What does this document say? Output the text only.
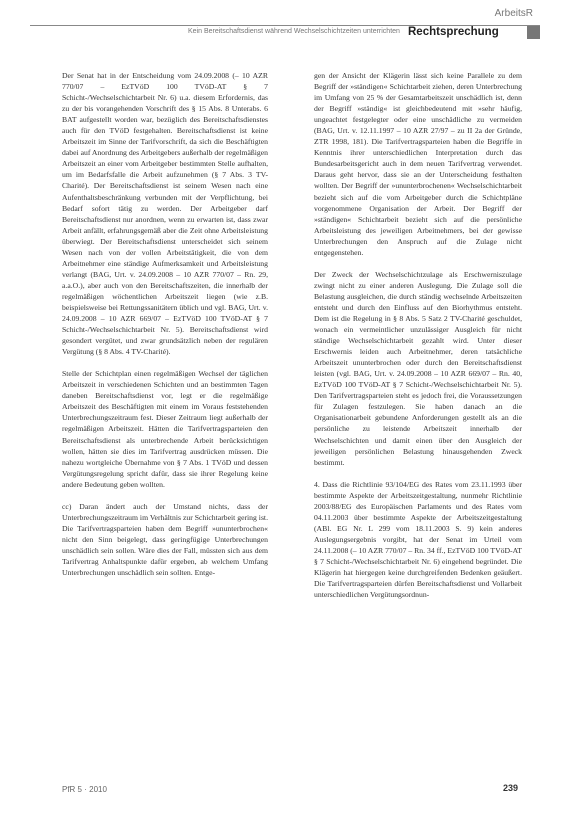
ArbeitsR
Kein Bereitschaftsdienst während Wechselschichtzeiten unterrichten Rechtsprechung

Der Senat hat in der Entscheidung vom 24.09.2008 (– 10 AZR 770/07 – EzTVöD 100 TVöD-AT § 7 Schicht-/Wechselschichtarbeit Nr. 6) u.a. diesem Erfordernis, das zu der bis vorangehenden Vorschrift des § 15 Abs. 8 Unterabs. 6 BAT aufgestellt worden war, bezüglich des Bereitschaftsdienstes auch für den TVöD festgehalten. Bereitschaftsdienst ist keine Arbeitszeit im Sinne der Tarifvorschrift, da sich die Beschäftigten dabei auf Anordnung des Arbeitgebers außerhalb der regelmäßigen Arbeitszeit an einer vom Arbeitgeber bestimmten Stelle aufhalten, um im Bedarfsfalle die Arbeit aufzunehmen (§ 7 Abs. 3 TV-Charité). Der Bereitschaftsdienst ist seinem Wesen nach eine Aufenthaltsbeschränkung verbunden mit der Verpflichtung, bei Bedarf sofort tätig zu werden. Der Arbeitgeber darf Bereitschaftsdienst nur anordnen, wenn zu erwarten ist, dass zwar Arbeit anfällt, erfahrungsgemäß aber die Zeit ohne Arbeitsleistung überwiegt. Der Bereitschaftsdienst unterscheidet sich seinem Wesen nach von der vollen Arbeitstätigkeit, die von dem Arbeitnehmer eine ständige Aufmerksamkeit und Arbeitsleistung verlangt (BAG, Urt. v. 24.09.2008 – 10 AZR 770/07 – Rn. 29, a.a.O.), aber auch von den Bereitschaftszeiten, die innerhalb der regelmäßigen wöchentlichen Arbeitszeit liegen (wie z.B. beispielsweise bei Rettungssanitätern üblich und vgl. BAG, Urt. v. 24.09.2008 – 10 AZR 669/07 – EzTVöD 100 TVöD-AT § 7 Schicht-/Wechselschichtarbeit Nr. 5). Bereitschaftsdienst wird gesondert vergütet, und zwar grundsätzlich neben der regulären Vergütung (§ 8 Abs. 4 TV-Charité).

Stelle der Schichtplan einen regelmäßigen Wechsel der täglichen Arbeitszeit in verschiedenen Schichten und an bestimmten Tagen daneben Bereitschaftsdienst vor, legt er die regelmäßige Arbeitszeit des Beschäftigten mit einem im Voraus feststehenden Unterbrechungszeitraum fest. Dieser Zeitraum liegt außerhalb der regelmäßigen Arbeitszeit. Hätten die Tarifvertragsparteien den Bereitschaftsdienst als unterbrechende Arbeit berücksichtigen wollen, hätten sie dies im Tarifvertrag ausdrücken müssen. Die nahezu wortgleiche Übernahme von § 7 Abs. 1 TVöD und dessen Vergütungsregelung spricht dafür, dass sie ihrer Regelung keine andere Bedeutung geben wollten.

cc) Daran ändert auch der Umstand nichts, dass der Unterbrechungszeitraum im Verhältnis zur Schichtarbeit gering ist. Die Tarifvertragsparteien haben dem Begriff »ununterbrochen« nicht den Sinn beigelegt, dass geringfügige Unterbrechungen unschädlich sein sollen. Wäre dies der Fall, müssten sich aus dem Tarifvertrag Anhaltspunkte dafür ergeben, ab welchem Umfang Unterbrechungen unschädlich sein sollten. Entge-

gen der Ansicht der Klägerin lässt sich keine Parallele zu dem Begriff der »ständigen« Schichtarbeit ziehen, deren Unterbrechung im Umfang von 25 % der Gesamtarbeitszeit unschädlich ist, denn der Begriff »ständig« ist gleichbedeutend mit »sehr häufig, ungeachtet festgelegter oder eine unschädliche zu vermeiden (BAG, Urt. v. 12.11.1997 – 10 AZR 27/97 – zu II 2a der Gründe, ZTR 1998, 181). Die Tarifvertragsparteien haben die Begriffe in Kenntnis ihrer unterschiedlichen Interpretation durch das Bundesarbeitsgericht auch in dem neuen Tarifvertrag verwendet. Daraus geht hervor, dass sie an der Unterscheidung festhalten wollten. Der Begriff der »ununterbrochenen« Wechselschichtarbeit bezieht sich auf die vom Arbeitgeber durch die Schichtpläne vorgenommene Organisation der Arbeit. Der Begriff der »ständigen« Schichtarbeit bezieht sich auf die persönliche Arbeitsleistung des jeweiligen Arbeitnehmers, bei der gewisse Unterbrechungen den Anspruch auf die Zulage nicht entgegenstehen.

Der Zweck der Wechselschichtzulage als Erschwerniszulage zwingt nicht zu einer anderen Auslegung. Die Zulage soll die Belastung ausgleichen, die durch ständig wechselnde Arbeitszeiten entsteht und durch den Einfluss auf den Biorhythmus entsteht. Dem ist die Regelung in § 8 Abs. 5 Satz 2 TV-Charité geschuldet, wonach ein vermeintlicher unzulässiger Ausgleich für nicht ständige Wechselschichtarbeit gezahlt wird. Unter dieser Erschwernis leiden auch Arbeitnehmer, deren tatsächliche Arbeitszeit ununterbrochen oder durch den Bereitschaftsdienst leisten (vgl. BAG, Urt. v. 24.09.2008 – 10 AZR 669/07 – Rn. 40, EzTVöD 100 TVöD-AT § 7 Schicht-/Wechselschichtarbeit Nr. 5). Den Tarifvertragsparteien steht es jedoch frei, die Voraussetzungen für Zulagen festzulegen. Sie haben danach an die Organisationarbeit gebundene Anforderungen gestellt als an die persönliche zu leistende Arbeitszeit innerhalb der Wechselschichten und damit einen über den Ausgleich der jeweiligen persönlichen Belastung hinausgehenden Zweck bestimmt.

4. Dass die Richtlinie 93/104/EG des Rates vom 23.11.1993 über bestimmte Aspekte der Arbeitszeitgestaltung, nunmehr Richtlinie 2003/88/EG des Europäischen Parlaments und des Rates vom 04.11.2003 über bestimmte Aspekte der Arbeitszeitgestaltung (ABl. EG Nr. L 299 vom 18.11.2003 S. 9) kein anderes Auslegungsergebnis vorgibt, hat der Senat im Urteil vom 24.11.2008 (– 10 AZR 770/07 – Rn. 34 ff., EzTVöD 100 TVöD-AT § 7 Schicht-/Wechselschichtarbeit Nr. 6) eingehend begründet. Die Klägerin hat hiergegen keine durchgreifenden Bedenken geäußert. Die Tarifvertragsparteien dürfen Bereitschaftsdienst und Vollarbeit unterschiedlichen Vergütungsordnun-

PfR 5 · 2010	239
